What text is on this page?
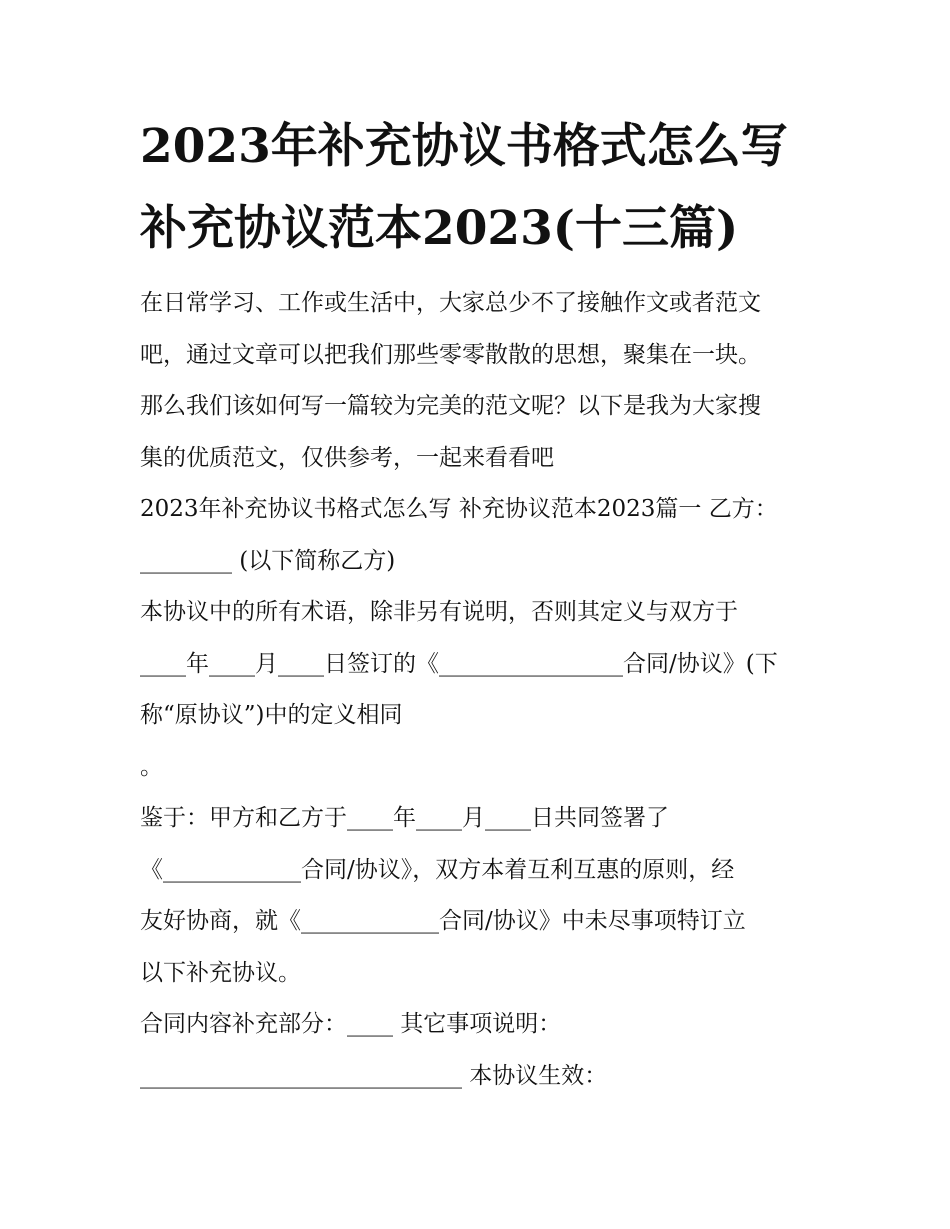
2023年补充协议书格式怎么写
补充协议范本2023(十三篇)
在日常学习、工作或生活中，大家总少不了接触作文或者范文
吧，通过文章可以把我们那些零零散散的思想，聚集在一块。
那么我们该如何写一篇较为完美的范文呢？以下是我为大家搜
集的优质范文，仅供参考，一起来看看吧
2023年补充协议书格式怎么写 补充协议范本2023篇一 乙方：
________ (以下简称乙方)
本协议中的所有术语，除非另有说明，否则其定义与双方于
____年____月____日签订的《________________合同/协议》(下
称“原协议”)中的定义相同
。
鉴于：甲方和乙方于____年____月____日共同签署了
《____________合同/协议》，双方本着互利互惠的原则，经
友好协商，就《____________合同/协议》中未尽事项特订立
以下补充协议。
合同内容补充部分：____ 其它事项说明：
____________________________ 本协议生效：
